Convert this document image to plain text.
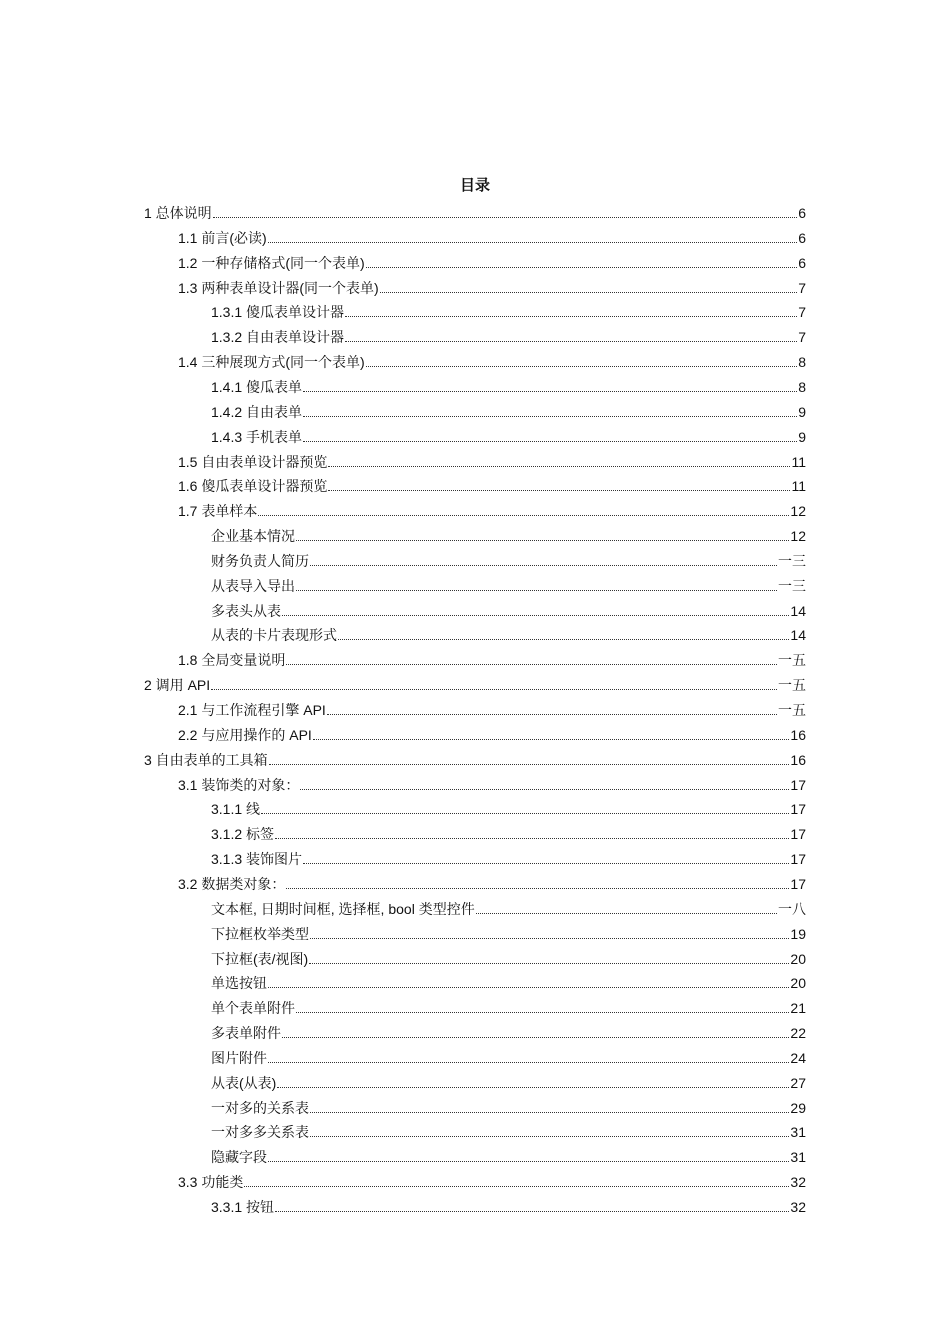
目录
1 总体说明	6
1.1 前言(必读)	6
1.2 一种存储格式(同一个表单)	6
1.3 两种表单设计器(同一个表单)	7
1.3.1 傻瓜表单设计器	7
1.3.2 自由表单设计器	7
1.4 三种展现方式(同一个表单)	8
1.4.1 傻瓜表单	8
1.4.2 自由表单	9
1.4.3 手机表单	9
1.5 自由表单设计器预览	11
1.6 傻瓜表单设计器预览	11
1.7 表单样本	12
企业基本情况	12
财务负责人简历	一三
从表导入导出	一三
多表头从表	14
从表的卡片表现形式	14
1.8 全局变量说明	一五
2 调用 API	一五
2.1 与工作流程引擎 API	一五
2.2 与应用操作的 API	16
3 自由表单的工具箱	16
3.1 装饰类的对象：	17
3.1.1 线	17
3.1.2 标签	17
3.1.3 装饰图片	17
3.2 数据类对象：	17
文本框, 日期时间框, 选择框, bool 类型控件	一八
下拉框枚举类型	19
下拉框(表/视图)	20
单选按钮	20
单个表单附件	21
多表单附件	22
图片附件	24
从表(从表)	27
一对多的关系表	29
一对多多关系表	31
隐藏字段	31
3.3 功能类	32
3.3.1 按钮	32
